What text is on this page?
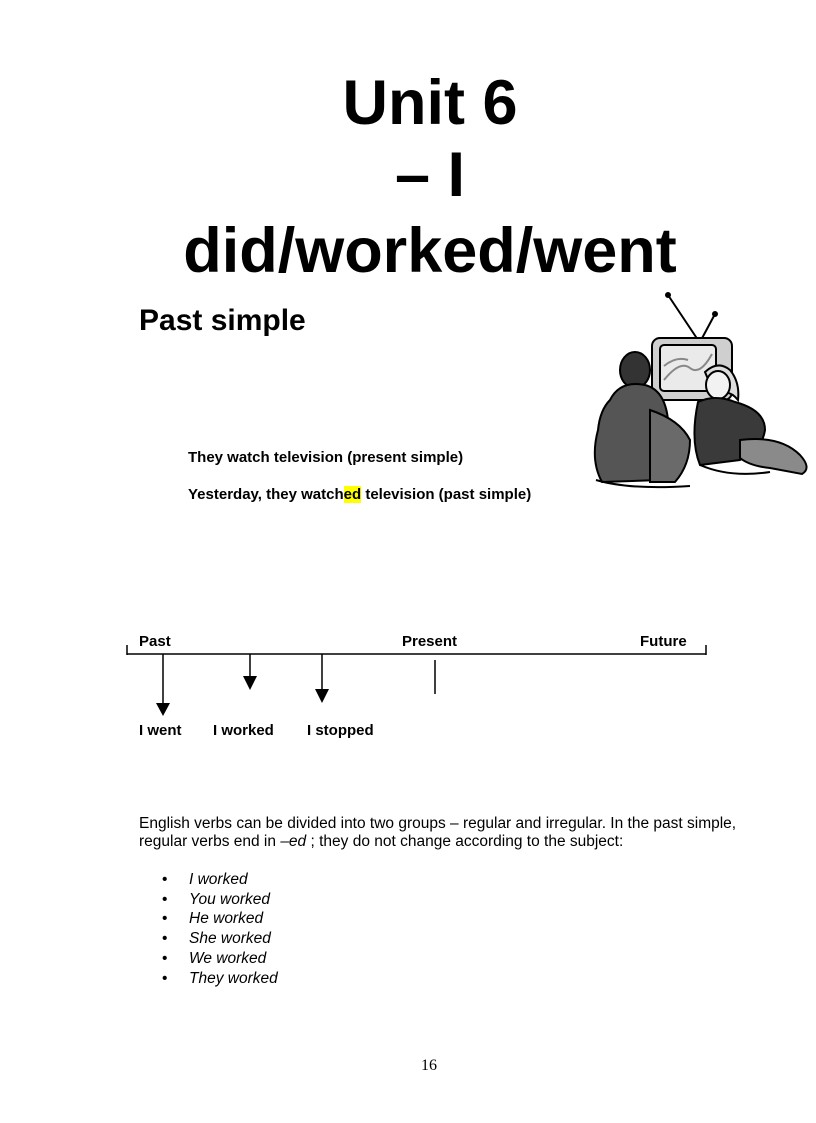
Unit 6
– I
did/worked/went
Past simple

They watch television (present simple)

Yesterday, they watched television (past simple)

Past	Present	Future
I went I worked I stopped

English verbs can be divided into two groups – regular and irregular. In the past simple, regular verbs end in –ed ; they do not change according to the subject:

• I worked
• You worked
• He worked
• She worked
• We worked
• They worked
16
